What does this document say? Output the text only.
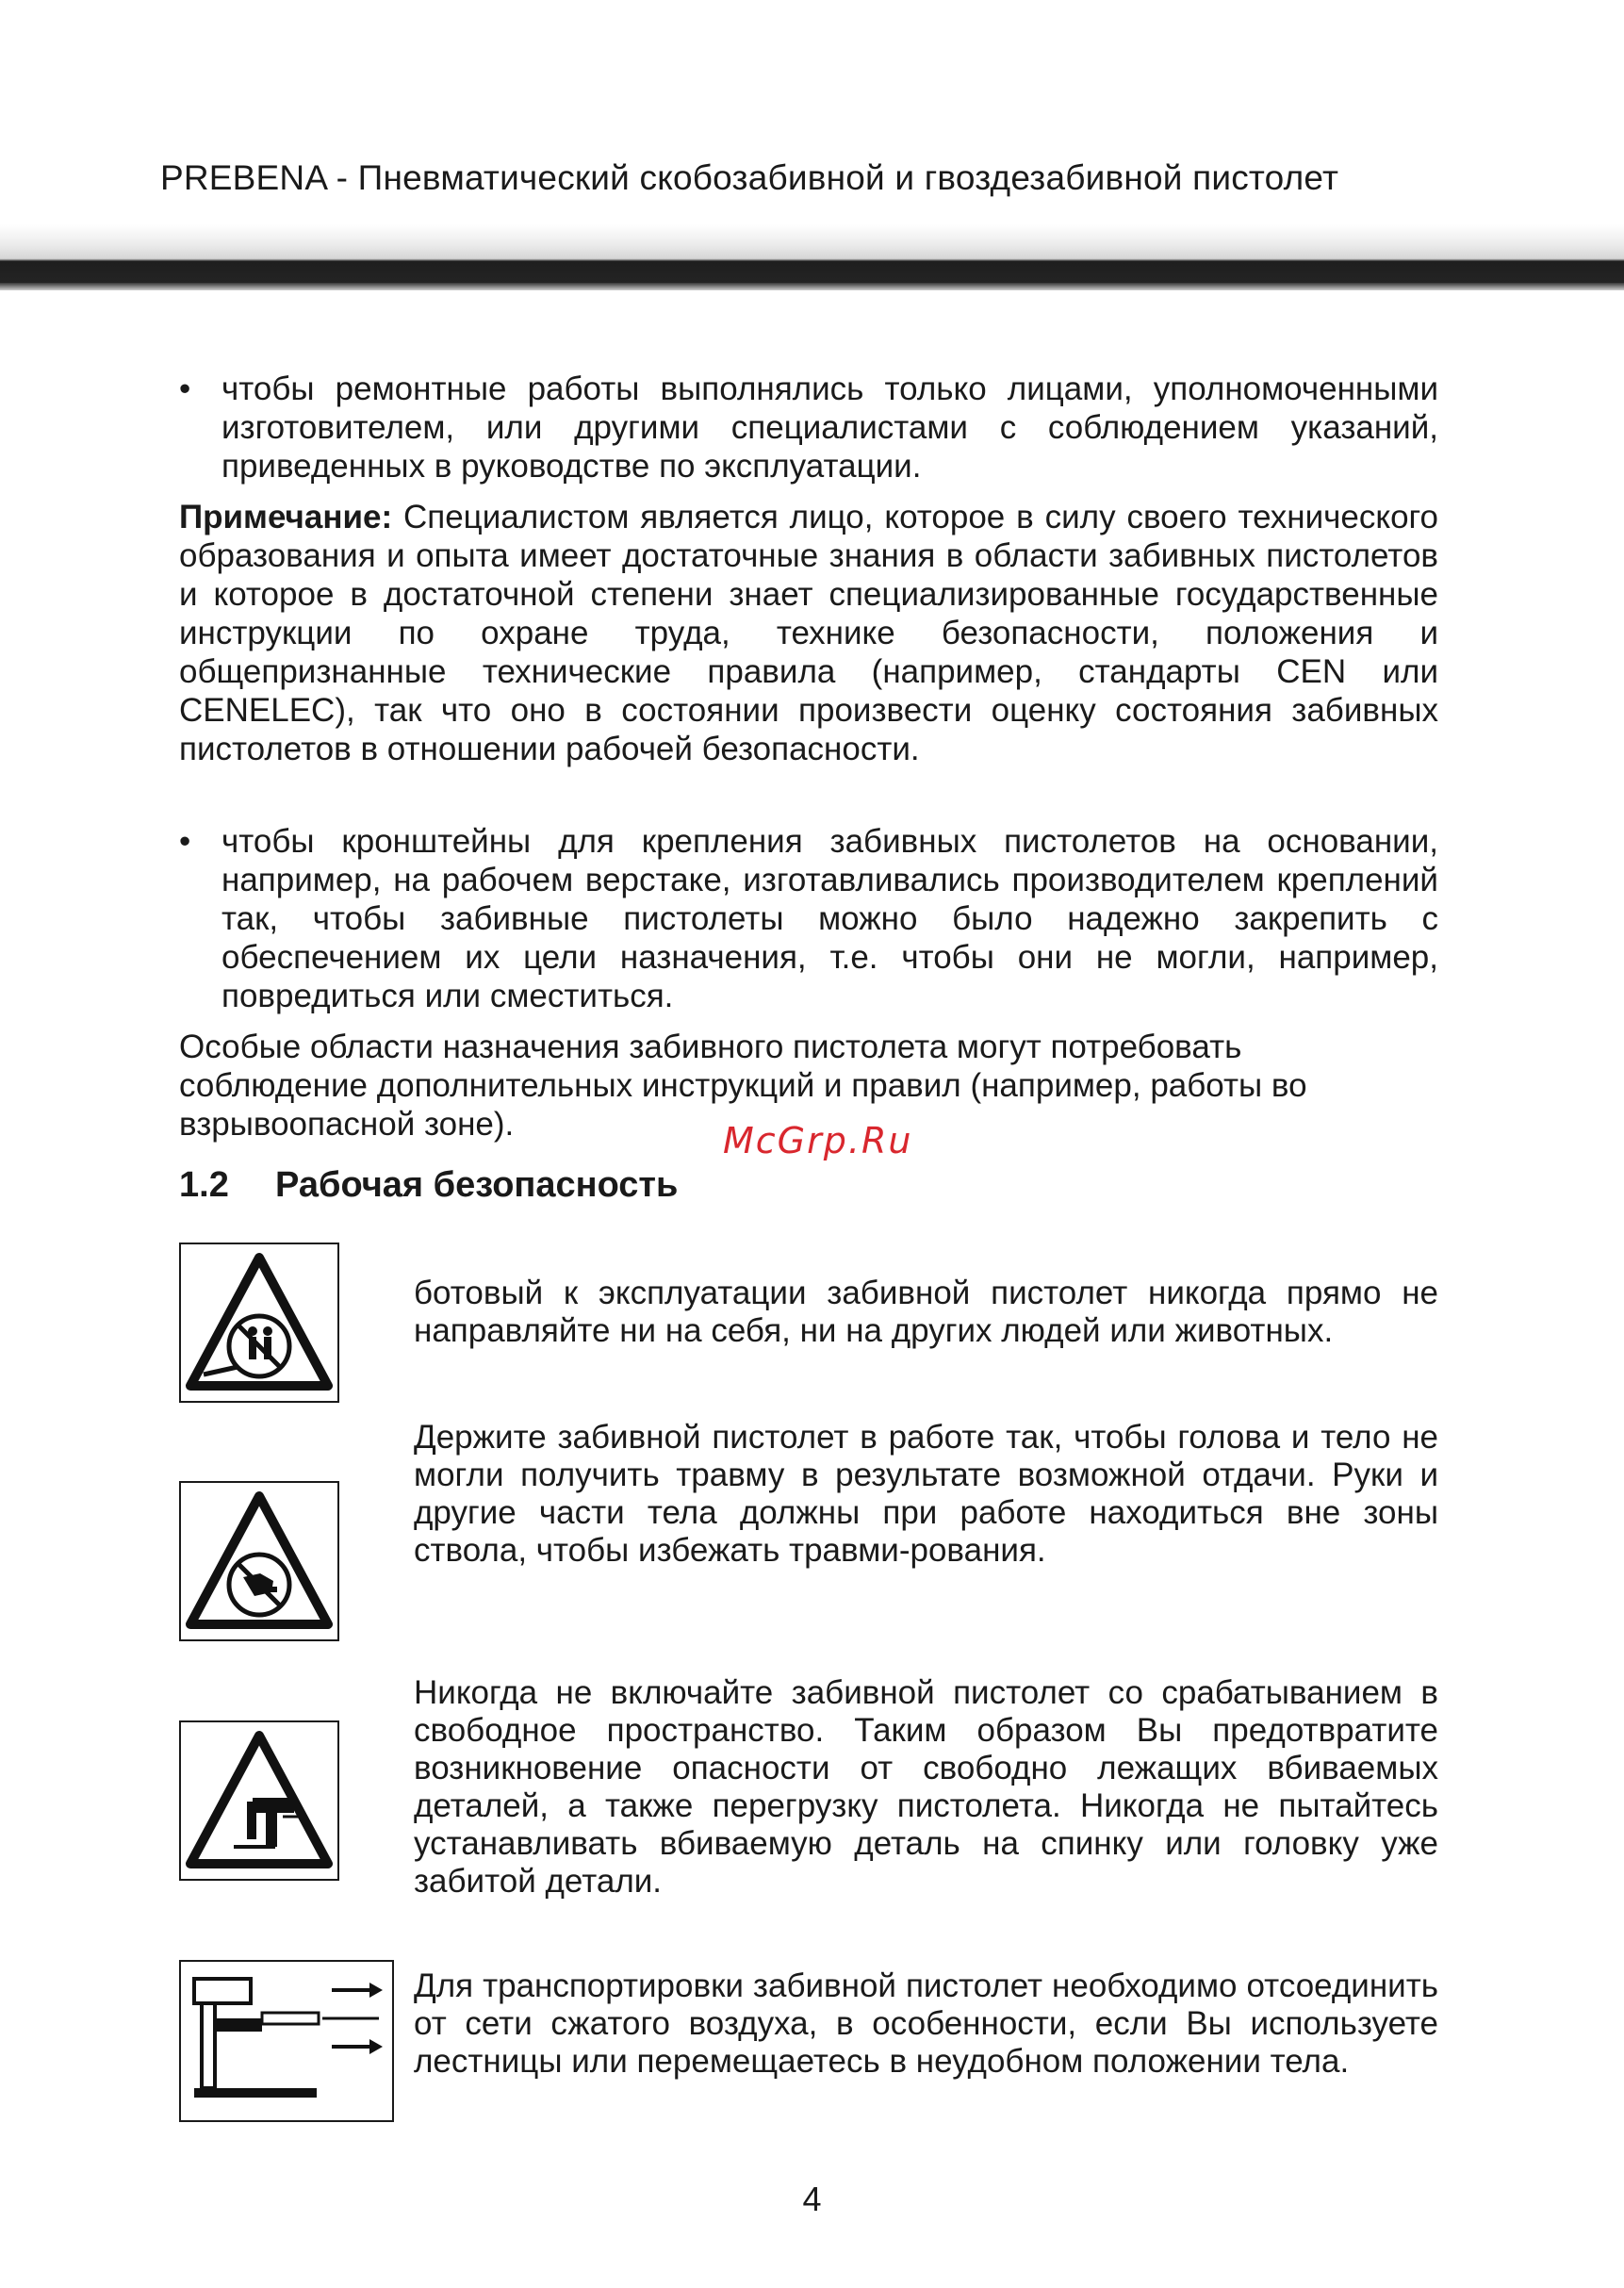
PREBENA - Пневматический скобозабивной и гвоздезабивной пистолет
• чтобы ремонтные работы выполнялись только лицами, уполномоченными изготовителем, или другими специалистами с соблюдением указаний, приведенных в руководстве по эксплуатации.

Примечание: Специалистом является лицо, которое в силу своего технического образования и опыта имеет достаточные знания в области забивных пистолетов и которое в достаточной степени знает специализированные государственные инструкции по охране труда, технике безопасности, положения и общепризнанные технические правила (например, стандарты CEN или CENELEC), так что оно в состоянии произвести оценку состояния забивных пистолетов в отношении рабочей безопасности.

• чтобы кронштейны для крепления забивных пистолетов на основании, например, на рабочем верстаке, изготавливались производителем креплений так, чтобы забивные пистолеты можно было надежно закрепить с обеспечением их цели назначения, т.е. чтобы они не могли, например, повредиться или сместиться.

Особые области назначения забивного пистолета могут потребовать соблюдение дополнительных инструкций и правил (например, работы во взрывоопасной зоне).	McGrp.Ru
1.2 Рабочая безопасность
ботовый к эксплуатации забивной пистолет никогда прямо не направляйте ни на себя, ни на других людей или животных.
Держите забивной пистолет в работе так, чтобы голова и тело не могли получить травму в результате возможной отдачи. Руки и другие части тела должны при работе находиться вне зоны ствола, чтобы избежать травми-рования.
Никогда не включайте забивной пистолет со срабатыванием в свободное пространство. Таким образом Вы предотвратите возникновение опасности от свободно лежащих вбиваемых деталей, а также перегрузку пистолета. Никогда не пытайтесь устанавливать вбиваемую деталь на спинку или головку уже забитой детали.
Для транспортировки забивной пистолет необходимо отсоединить от сети сжатого воздуха, в особенности, если Вы используете лестницы или перемещаетесь в неудобном положении тела.
4
